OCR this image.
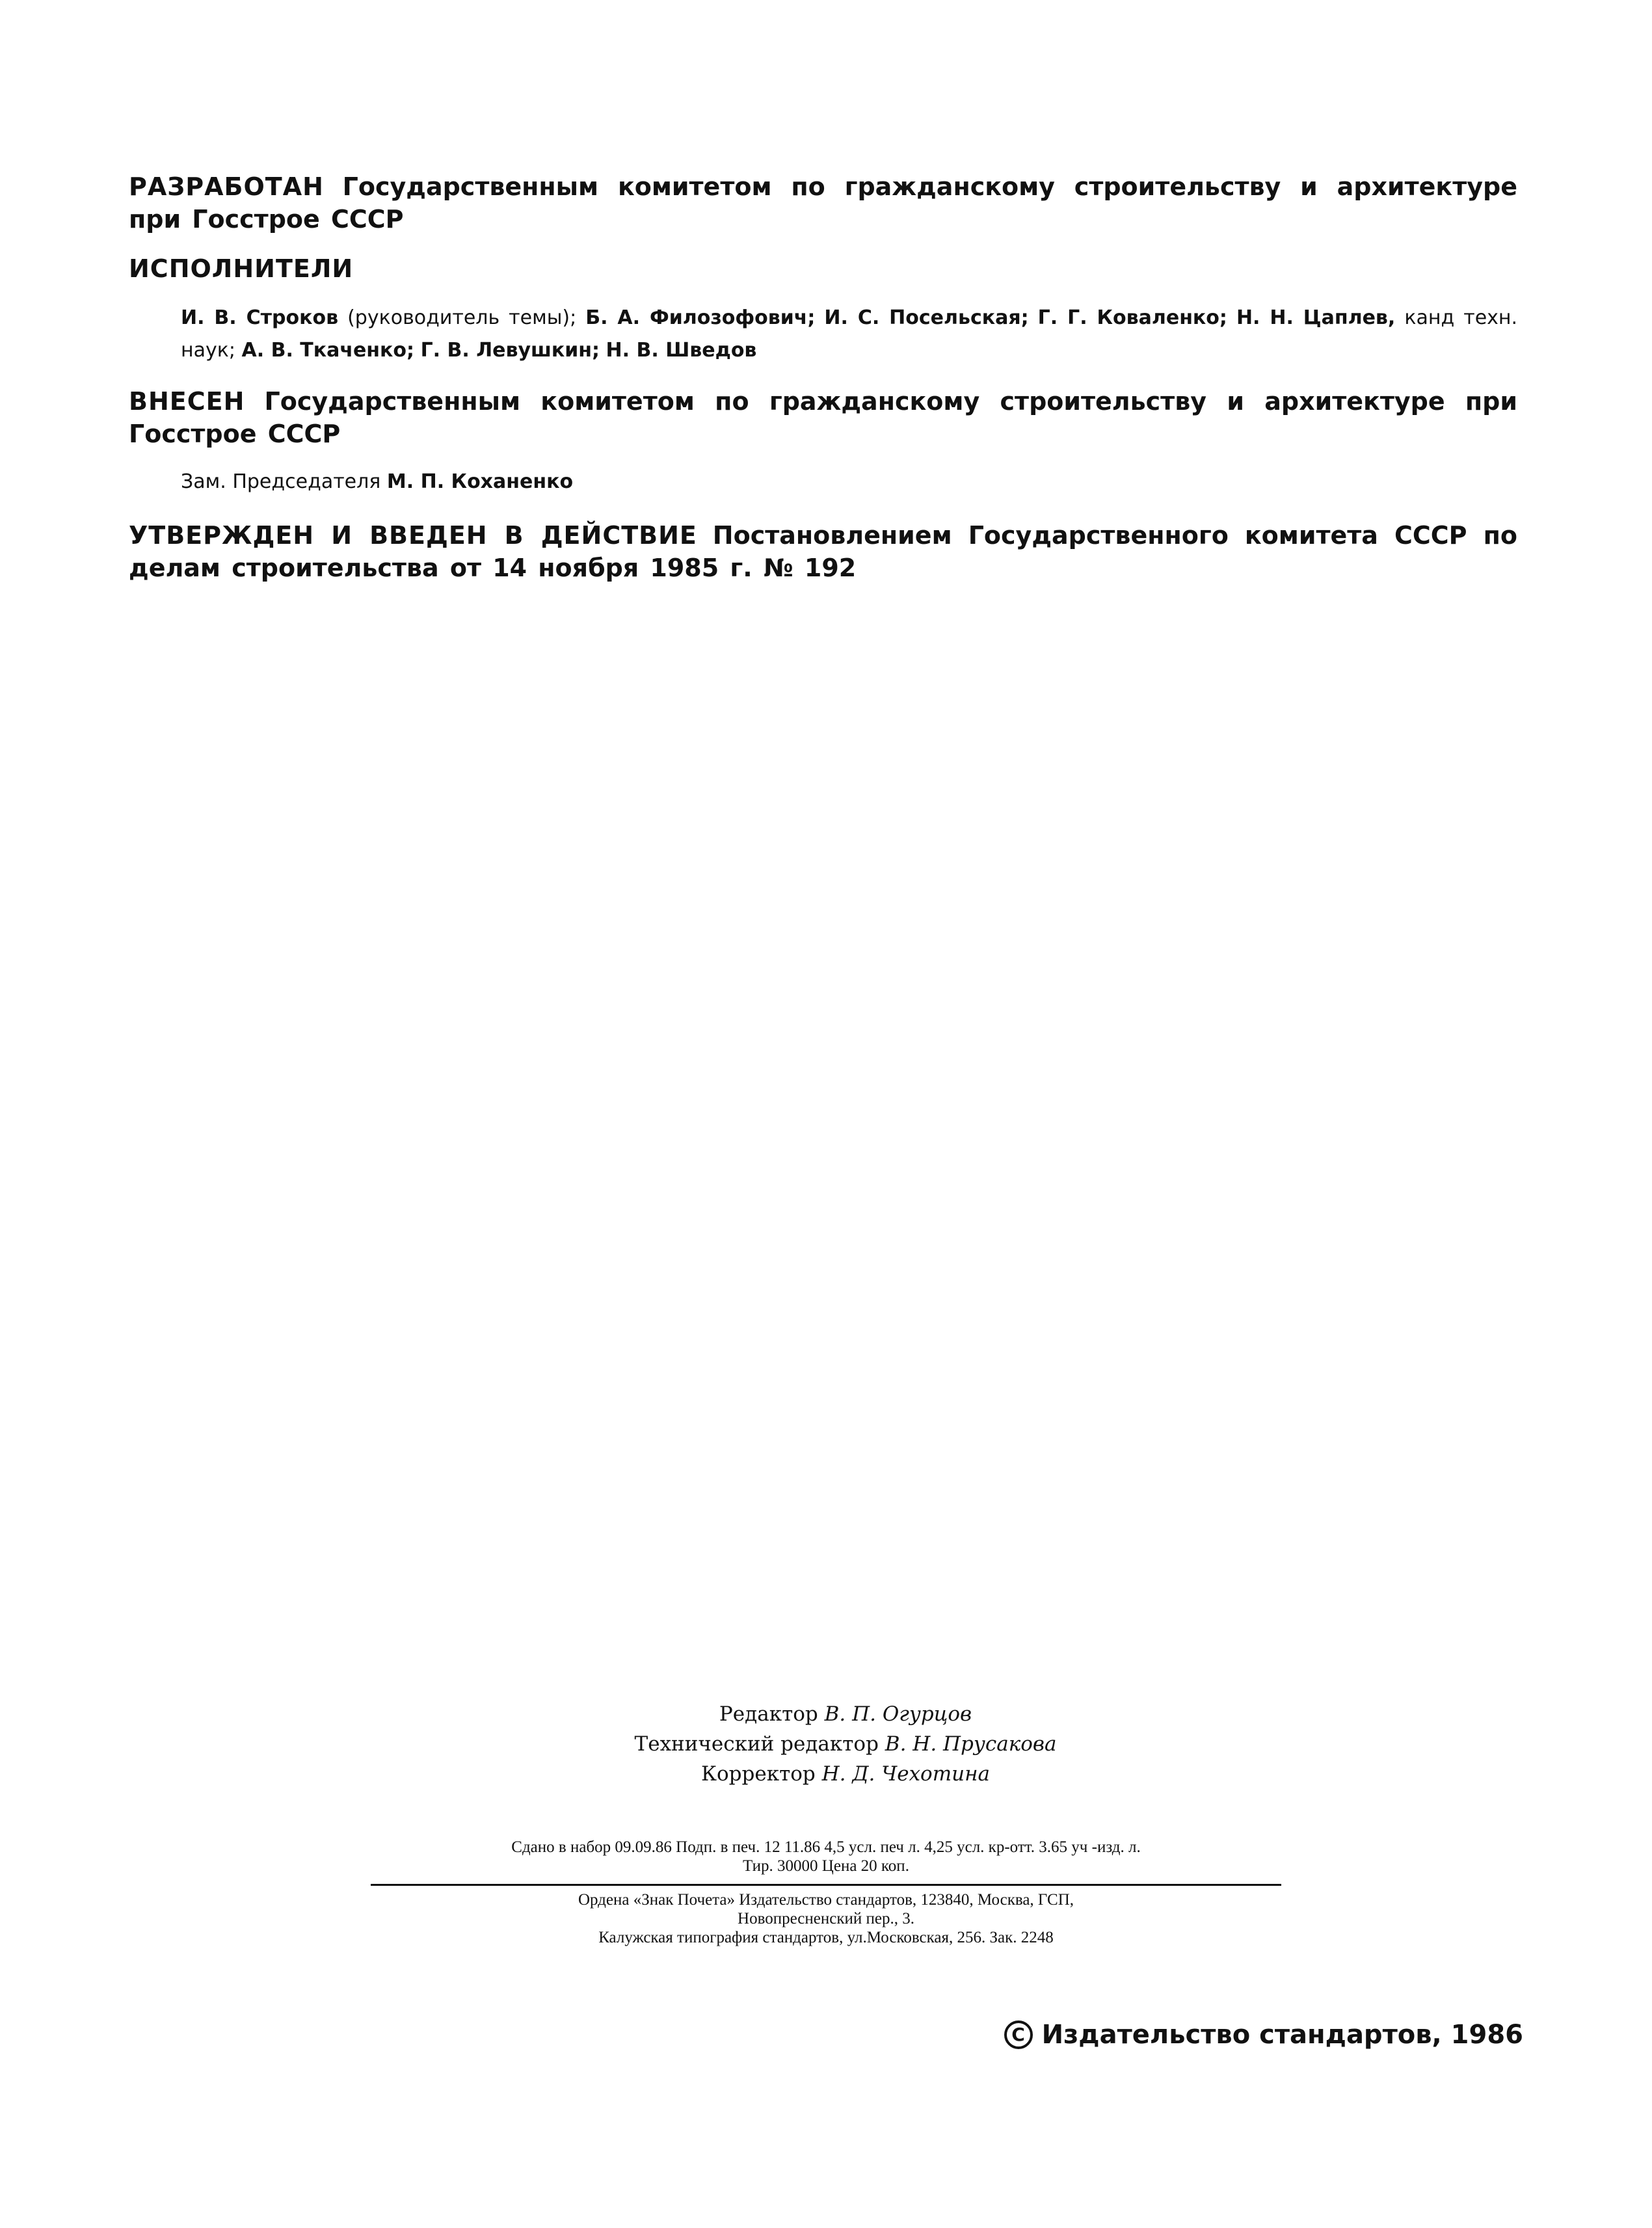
РАЗРАБОТАН Государственным комитетом по гражданскому строительству и архитектуре при Госстрое СССР
ИСПОЛНИТЕЛИ
И. В. Строков (руководитель темы); Б. А. Филозофович; И. С. Посельская; Г. Г. Коваленко; Н. Н. Цаплев, канд техн. наук; А. В. Ткаченко; Г. В. Левушкин; Н. В. Шведов
ВНЕСЕН Государственным комитетом по гражданскому строительству и архитектуре при Госстрое СССР
Зам. Председателя М. П. Коханенко
УТВЕРЖДЕН И ВВЕДЕН В ДЕЙСТВИЕ Постановлением Государственного комитета СССР по делам строительства от 14 ноября 1985 г. № 192
Редактор В. П. Огурцов
Технический редактор В. Н. Прусакова
Корректор Н. Д. Чехотина
Сдано в набор 09.09.86 Подп. в печ. 12 11.86 4,5 усл. печ л. 4,25 усл. кр-отт. 3.65 уч -изд. л.
Тир. 30000 Цена 20 коп.
Ордена «Знак Почета» Издательство стандартов, 123840, Москва, ГСП,
Новопресненский пер., 3.
Калужская типография стандартов, ул.Московская, 256. Зак. 2248
C Издательство стандартов, 1986
